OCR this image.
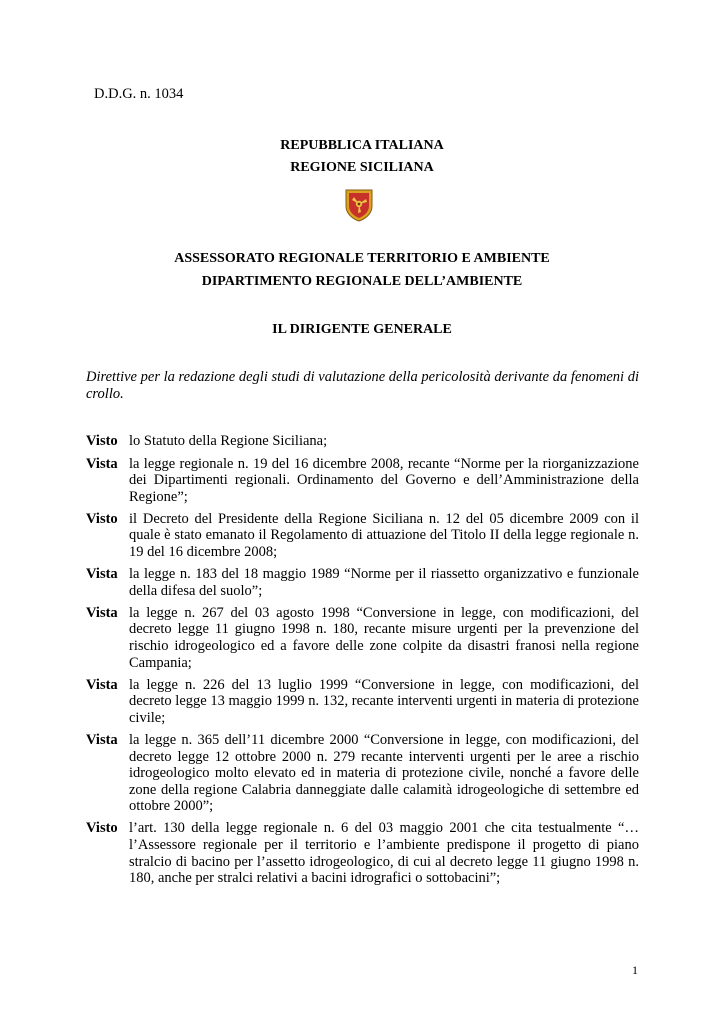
D.D.G. n. 1034
REPUBBLICA ITALIANA
REGIONE SICILIANA
ASSESSORATO REGIONALE TERRITORIO E AMBIENTE
DIPARTIMENTO REGIONALE DELL’AMBIENTE
IL DIRIGENTE GENERALE
Direttive per la redazione degli studi di valutazione della pericolosità derivante da fenomeni di crollo.
Visto lo Statuto della Regione Siciliana;
Vista la legge regionale n. 19 del 16 dicembre 2008, recante “Norme per la riorganizzazione dei Dipartimenti regionali. Ordinamento del Governo e dell’Amministrazione della Regione”;
Visto il Decreto del Presidente della Regione Siciliana n. 12 del 05 dicembre 2009 con il quale è stato emanato il Regolamento di attuazione del Titolo II della legge regionale n. 19 del 16 dicembre 2008;
Vista la legge n. 183 del 18 maggio 1989 “Norme per il riassetto organizzativo e funzionale della difesa del suolo”;
Vista la legge n. 267 del 03 agosto 1998 “Conversione in legge, con modificazioni, del decreto legge 11 giugno 1998 n. 180, recante misure urgenti per la prevenzione del rischio idrogeologico ed a favore delle zone colpite da disastri franosi nella regione Campania;
Vista la legge n. 226 del 13 luglio 1999 “Conversione in legge, con modificazioni, del decreto legge 13 maggio 1999 n. 132, recante interventi urgenti in materia di protezione civile;
Vista la legge n. 365 dell’11 dicembre 2000 “Conversione in legge, con modificazioni, del decreto legge 12 ottobre 2000 n. 279 recante interventi urgenti per le aree a rischio idrogeologico molto elevato ed in materia di protezione civile, nonché a favore delle zone della regione Calabria danneggiate dalle calamità idrogeologiche di settembre ed ottobre 2000”;
Visto l’art. 130 della legge regionale n. 6 del 03 maggio 2001 che cita testualmente “…l’Assessore regionale per il territorio e l’ambiente predispone il progetto di piano stralcio di bacino per l’assetto idrogeologico, di cui al decreto legge 11 giugno 1998 n. 180, anche per stralci relativi a bacini idrografici o sottobacini”;
1
